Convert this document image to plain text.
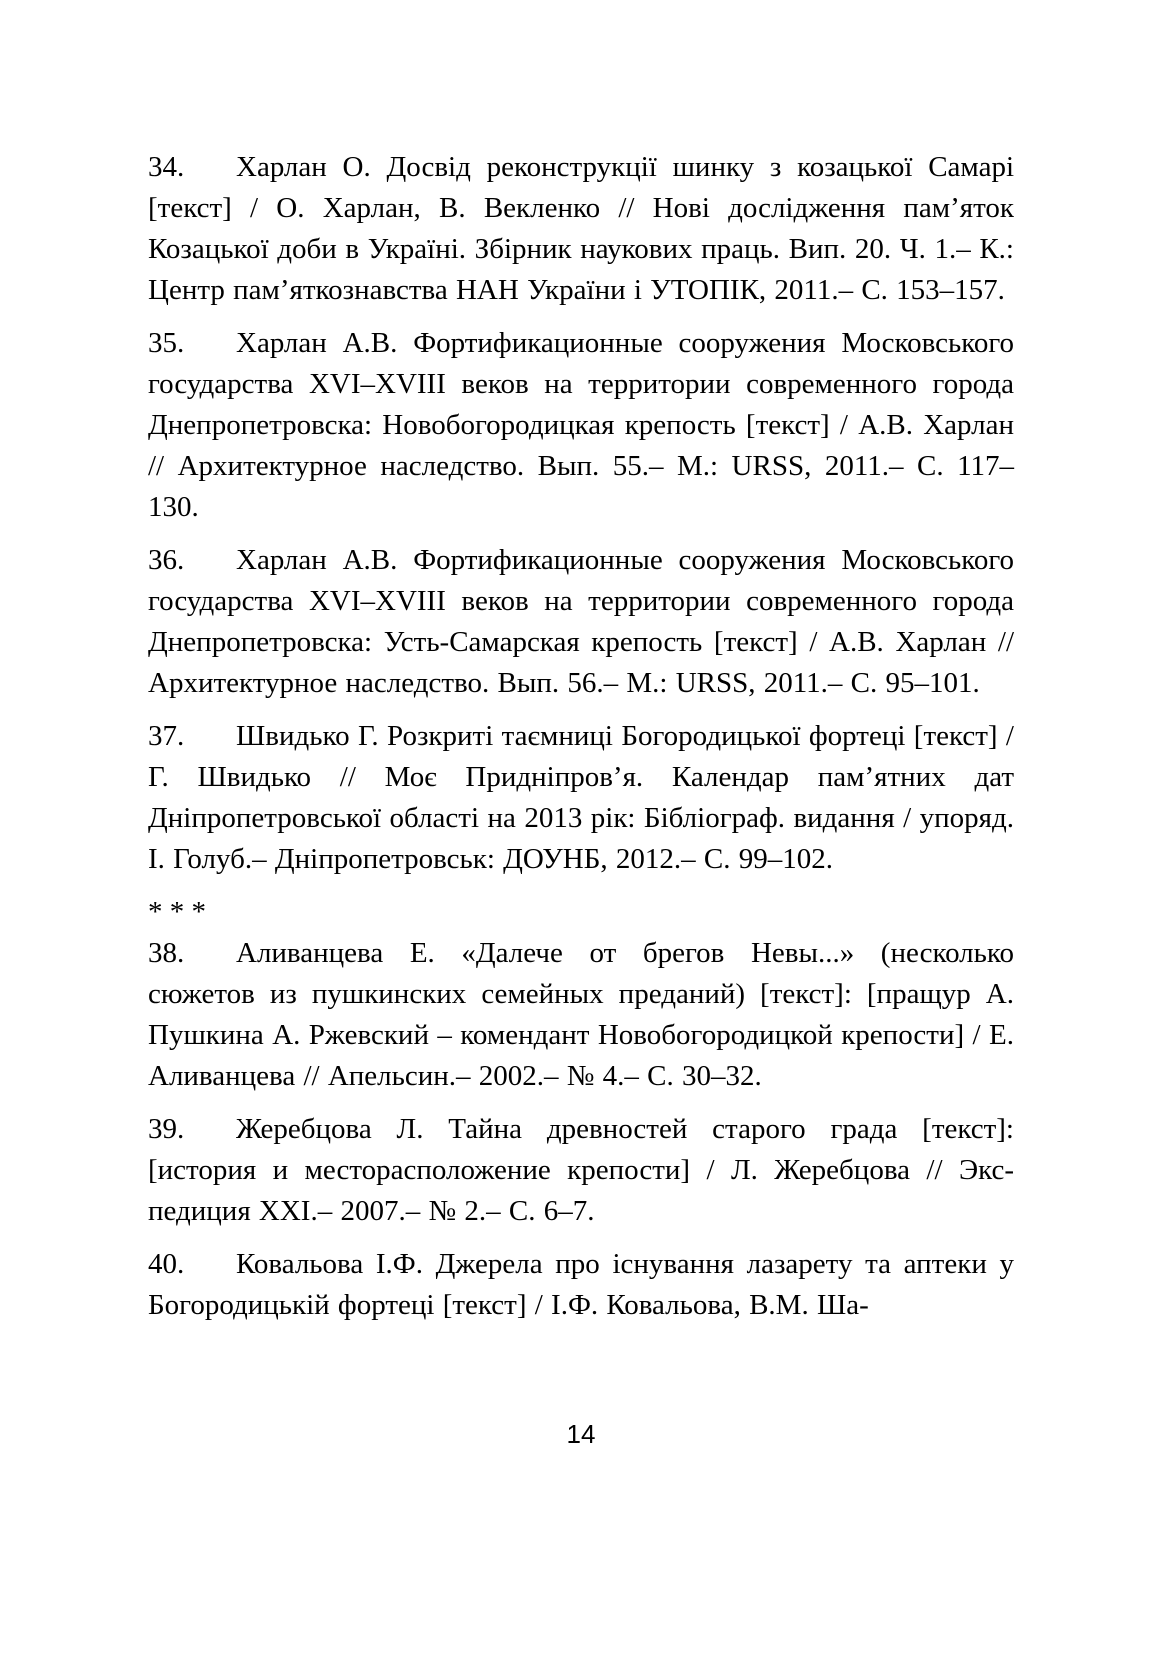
34. Харлан О. Досвід реконструкції шинку з козацької Самарі [текст] / О. Харлан, В. Векленко // Нові дослідження пам’яток Козацької доби в Україні. Збірник наукових праць. Вип. 20. Ч. 1.– К.: Центр пам’яткознавства НАН України і УТОПІК, 2011.– С. 153–157.

35. Харлан А.В. Фортификационные сооружения Московського государства XVI–XVIII веков на территории современного города Днепропетровска: Новобогородицкая крепость [текст] / А.В. Харлан // Архитектурное наследство. Вып. 55.– М.: URSS, 2011.– С. 117–130.

36. Харлан А.В. Фортификационные сооружения Московського государства XVI–XVIII веков на территории современного города Днепропетровска: Усть-Самарская крепость [текст] / А.В. Харлан // Архитектурное наследство. Вып. 56.– М.: URSS, 2011.– С. 95–101.

37. Швидько Г. Розкриті таємниці Богородицької фортеці [текст] / Г. Швидько // Моє Придніпров’я. Календар пам’ятних дат Дніпропетровської області на 2013 рік: Бібліограф. видання / упоряд. І. Голуб.– Дніпропетровськ: ДОУНБ, 2012.– С. 99–102.

* * *

38. Аливанцева Е. «Далече от брегов Невы...» (несколько сюжетов из пушкинских семейных преданий) [текст]: [пращур А. Пушкина А. Ржевский – комендант Новобогородицкой крепости] / Е. Аливанцева // Апельсин.– 2002.– № 4.– С. 30–32.

39. Жеребцова Л. Тайна древностей старого града [текст]: [история и месторасположение крепости] / Л. Жеребцова // Экспедиция XXI.– 2007.– № 2.– С. 6–7.

40. Ковальова І.Ф. Джерела про існування лазарету та аптеки у Богородицькій фортеці [текст] / І.Ф. Ковальова, В.М. Ша-

14
